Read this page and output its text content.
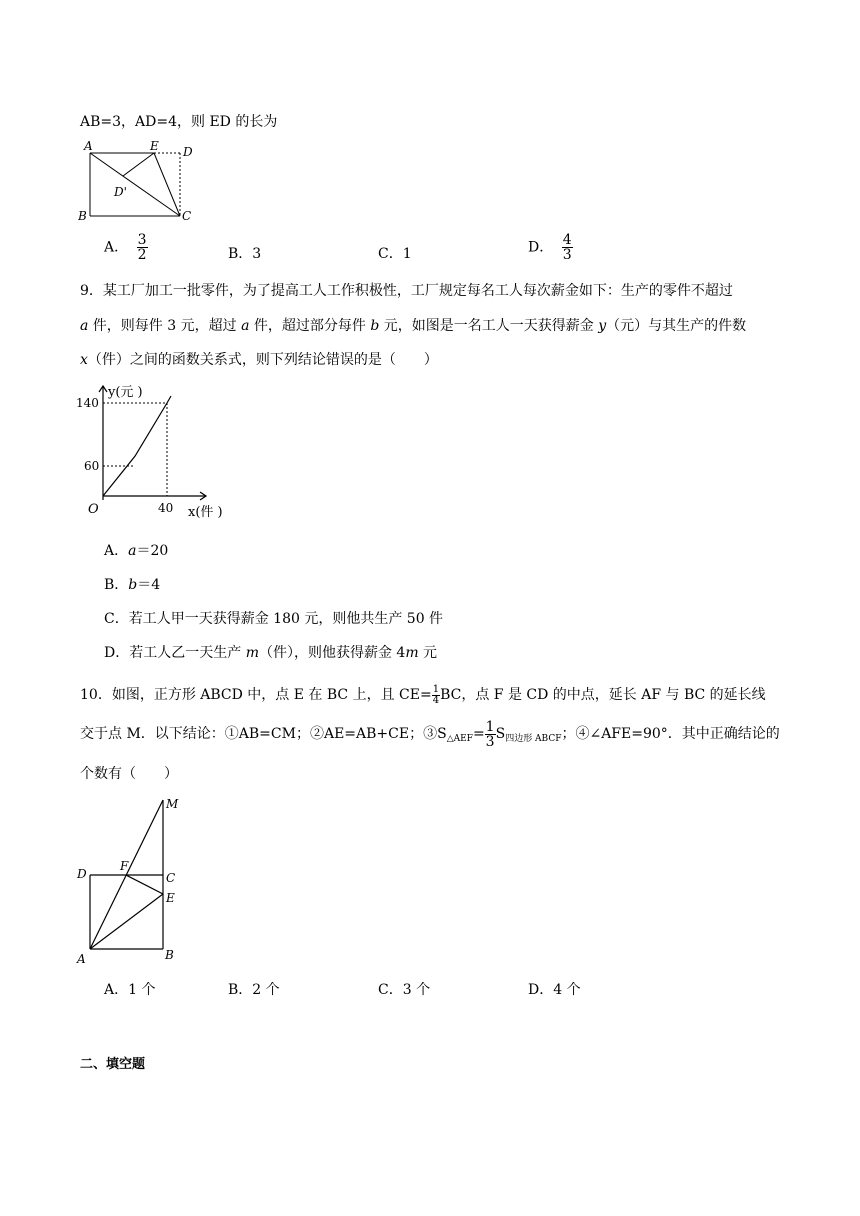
AB=3，AD=4，则 ED 的长为
A	E D
D'
B	C
A． $\frac{3}{2}$	B．3	C．1	D． $\frac{4}{3}$
9．某工厂加工一批零件，为了提高工人工作积极性，工厂规定每名工人每次薪金如下：生产的零件不超过
a 件，则每件 3 元，超过 a 件，超过部分每件 b 元，如图是一名工人一天获得薪金 y（元）与其生产的件数
x（件）之间的函数关系式，则下列结论错误的是（　　）
y(元 )
140
60
O	40 x(件 )
A．a＝20
B．b＝4
C．若工人甲一天获得薪金 180 元，则他共生产 50 件
D．若工人乙一天生产 m（件），则他获得薪金 4m 元
10．如图，正方形 ABCD 中，点 E 在 BC 上，且 $CE= \frac{1}{4}$ BC，点 F 是 CD 的中点，延长 AF 与 BC 的延长线
交于点 M．以下结论：①AB=CM；②AE=AB+CE；$③S_{\triangle AEF}= \frac{1}{3} S_{四边形 ABCF}$；④∠AFE=90°．其中正确结论的
个数有（　　）
M
D
F
C
E
A	B
A．1 个	B．2 个	C．3 个	D．4 个
二、填空题
